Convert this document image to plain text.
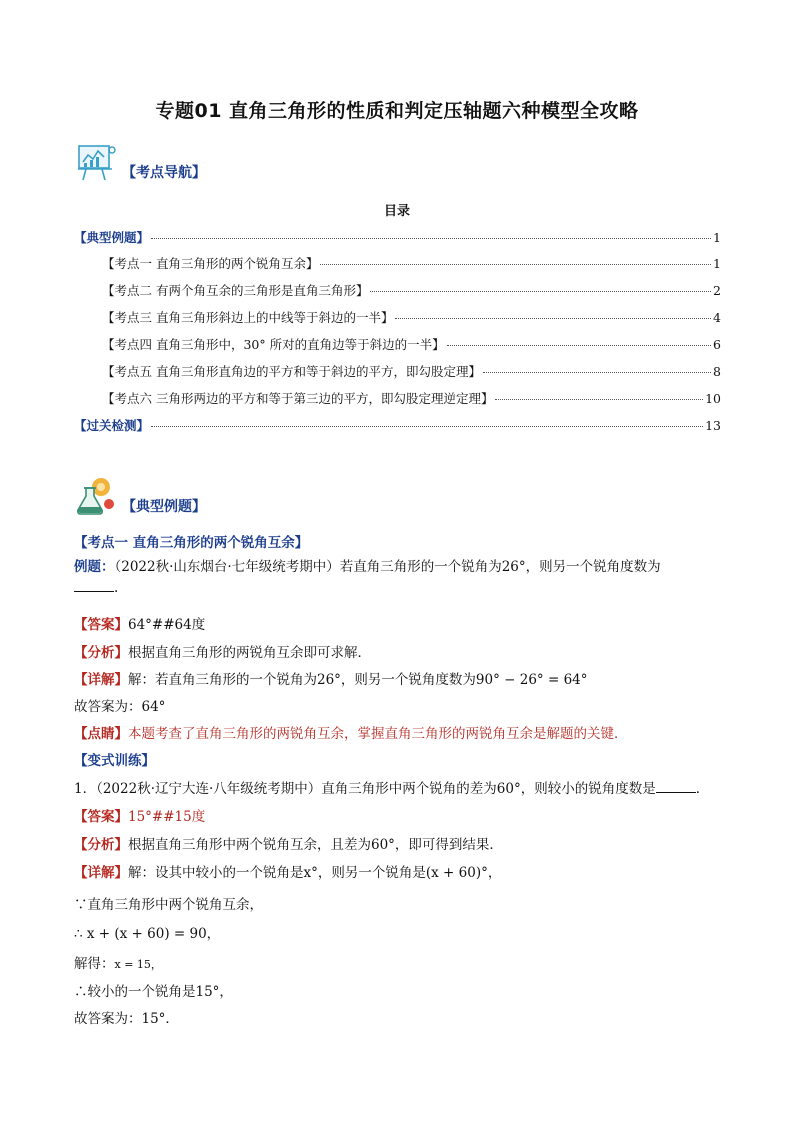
专题01 直角三角形的性质和判定压轴题六种模型全攻略
【考点导航】
目录
【典型例题】	1
【考点一 直角三角形的两个锐角互余】	1
【考点二 有两个角互余的三角形是直角三角形】	2
【考点三 直角三角形斜边上的中线等于斜边的一半】	4
【考点四 直角三角形中，30° 所对的直角边等于斜边的一半】	6
【考点五 直角三角形直角边的平方和等于斜边的平方，即勾股定理】	8
【考点六 三角形两边的平方和等于第三边的平方，即勾股定理逆定理】	10
【过关检测】	13
【典型例题】
【考点一 直角三角形的两个锐角互余】
例题：（2022秋·山东烟台·七年级统考期中）若直角三角形的一个锐角为26°，则另一个锐角度数为
.
【答案】64°##64度
【分析】根据直角三角形的两锐角互余即可求解．
【详解】解：若直角三角形的一个锐角为26°，则另一个锐角度数为90° − 26° = 64°
故答案为：64°
【点睛】本题考查了直角三角形的两锐角互余，掌握直角三角形的两锐角互余是解题的关键．
【变式训练】
1．（2022秋·辽宁大连·八年级统考期中）直角三角形中两个锐角的差为60°，则较小的锐角度数是	．
【答案】15°##15度
【分析】根据直角三角形中两个锐角互余，且差为60°，即可得到结果．
【详解】解：设其中较小的一个锐角是x°，则另一个锐角是(x + 60)°，
∵直角三角形中两个锐角互余，
∴ x + (x + 60) = 90，
解得：x = 15，
∴较小的一个锐角是15°，
故答案为：15°．
